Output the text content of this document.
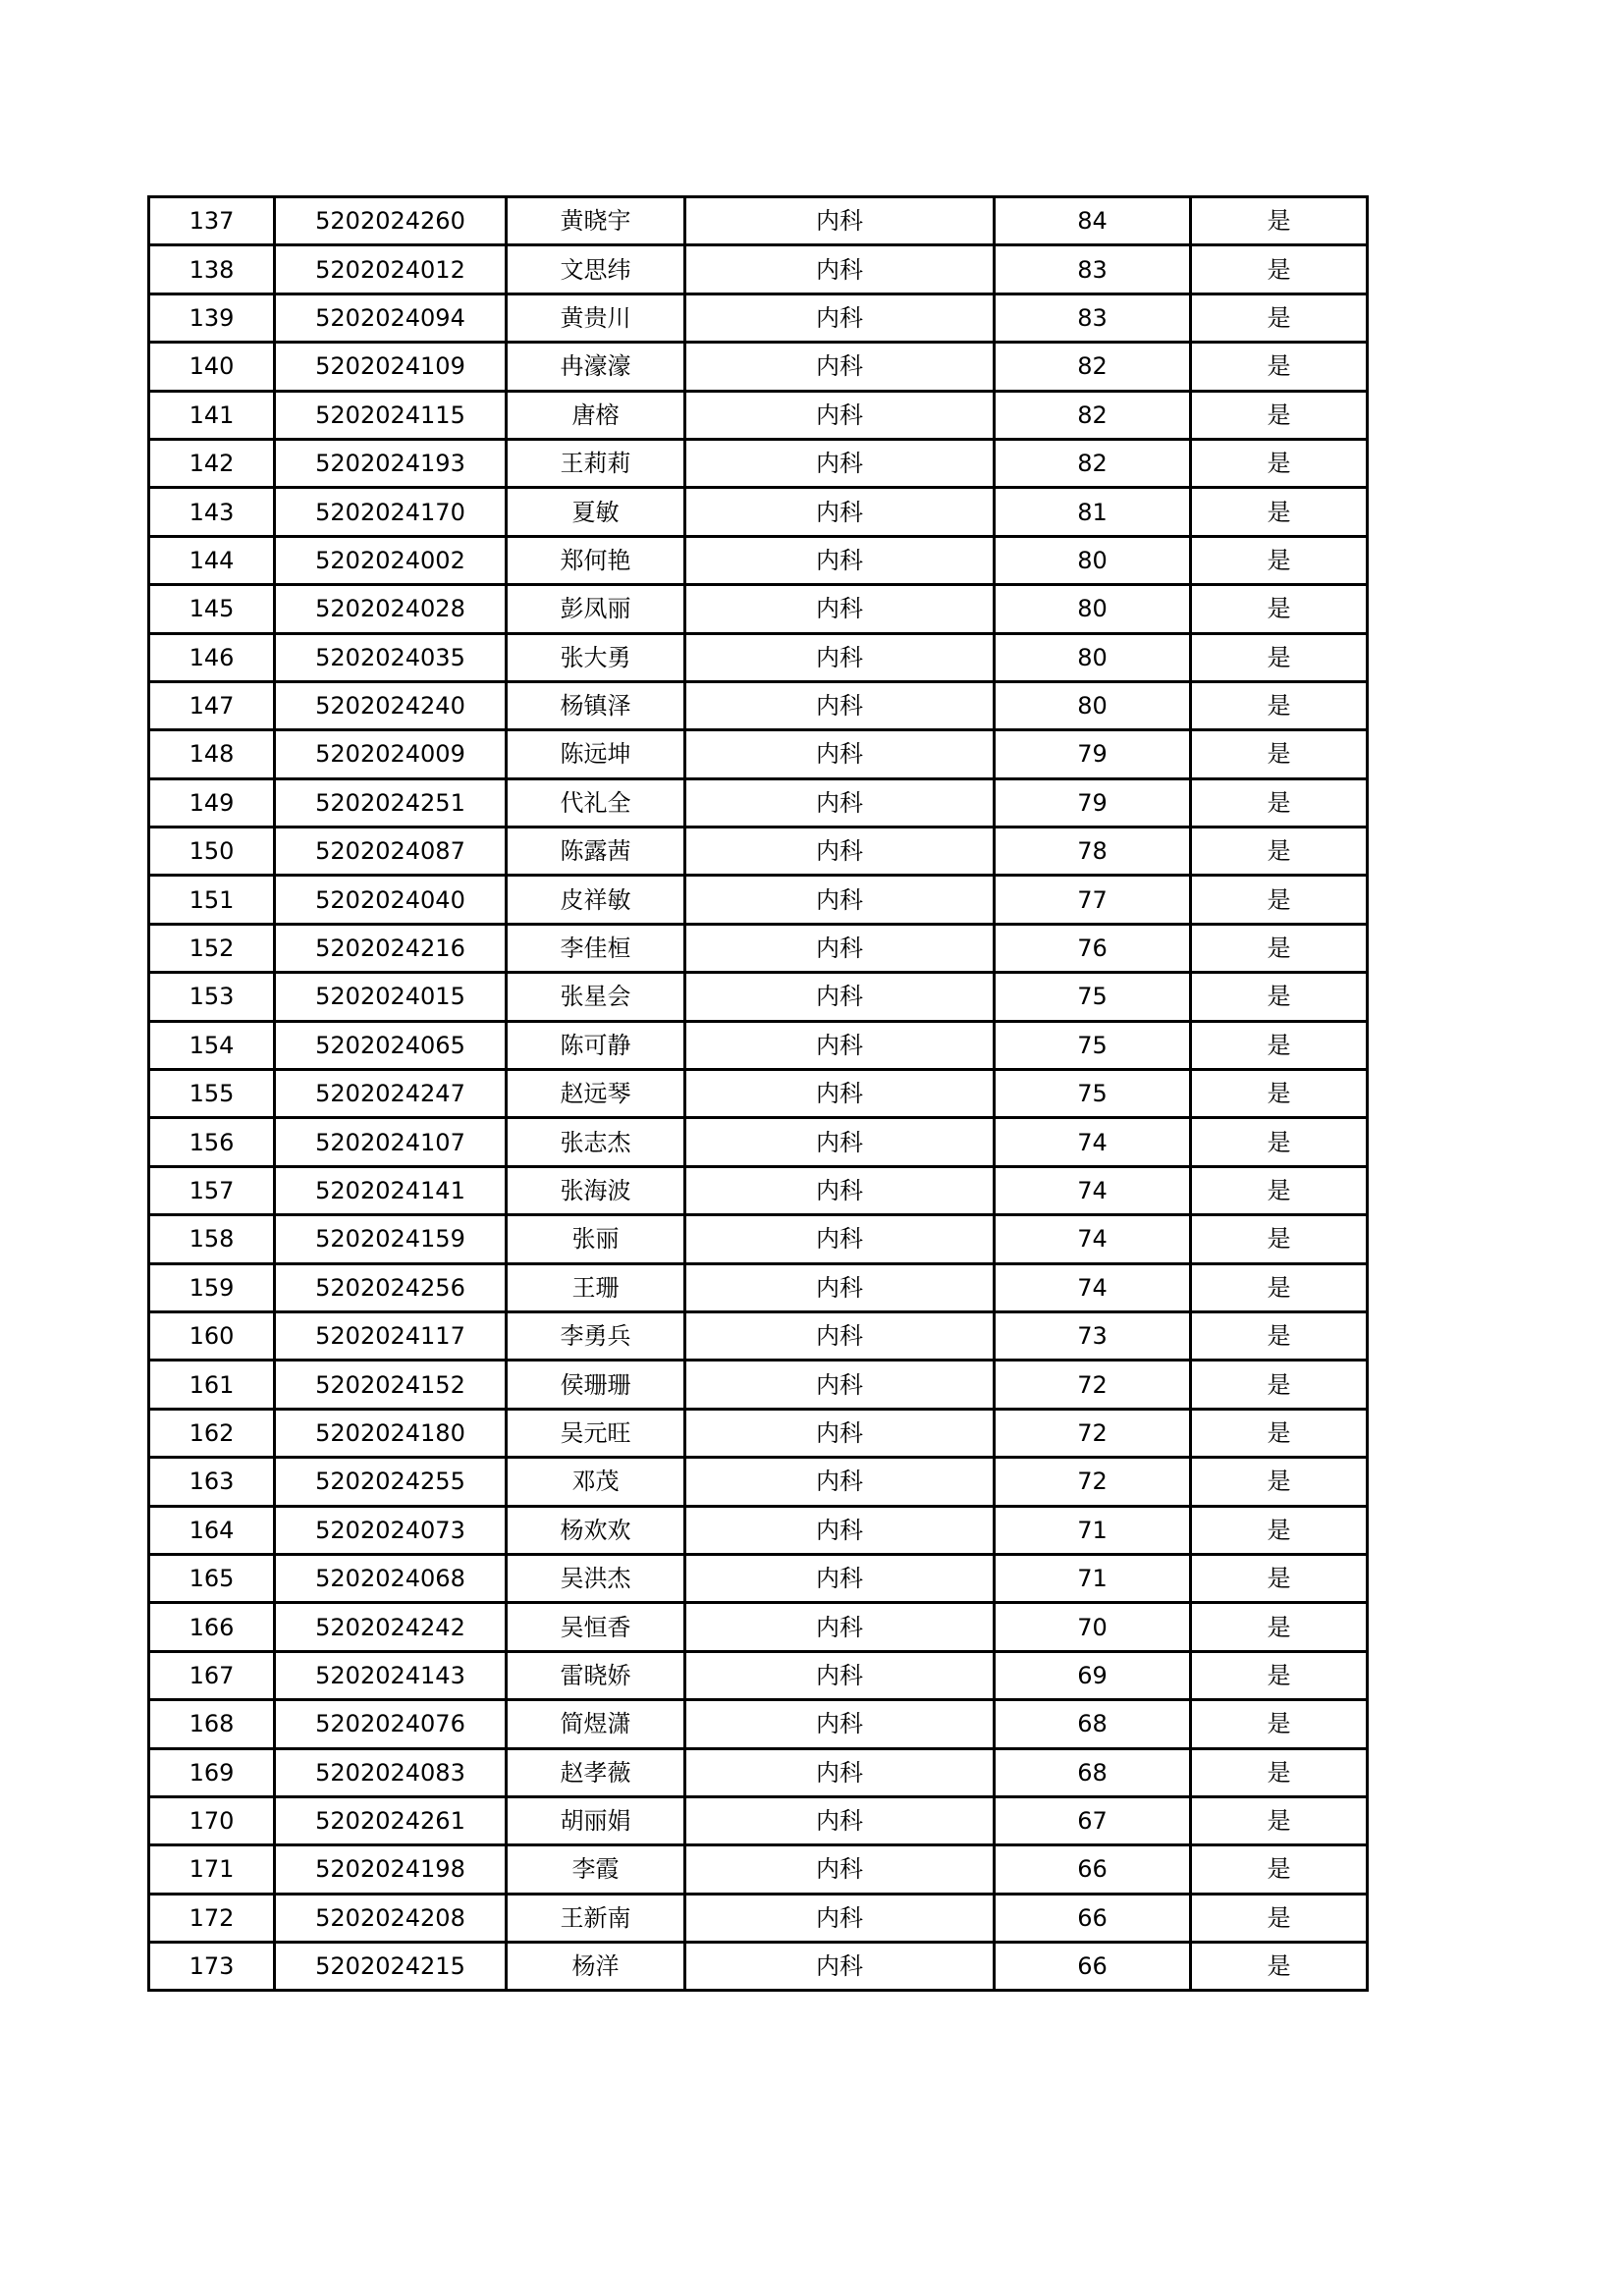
137	5202024260	黄晓宇	内科	84	是
138	5202024012	文思纬	内科	83	是
139	5202024094	黄贵川	内科	83	是
140	5202024109	冉濠濠	内科	82	是
141	5202024115	唐榕	内科	82	是
142	5202024193	王莉莉	内科	82	是
143	5202024170	夏敏	内科	81	是
144	5202024002	郑何艳	内科	80	是
145	5202024028	彭凤丽	内科	80	是
146	5202024035	张大勇	内科	80	是
147	5202024240	杨镇泽	内科	80	是
148	5202024009	陈远坤	内科	79	是
149	5202024251	代礼全	内科	79	是
150	5202024087	陈露茜	内科	78	是
151	5202024040	皮祥敏	内科	77	是
152	5202024216	李佳桓	内科	76	是
153	5202024015	张星会	内科	75	是
154	5202024065	陈可静	内科	75	是
155	5202024247	赵远琴	内科	75	是
156	5202024107	张志杰	内科	74	是
157	5202024141	张海波	内科	74	是
158	5202024159	张丽	内科	74	是
159	5202024256	王珊	内科	74	是
160	5202024117	李勇兵	内科	73	是
161	5202024152	侯珊珊	内科	72	是
162	5202024180	吴元旺	内科	72	是
163	5202024255	邓茂	内科	72	是
164	5202024073	杨欢欢	内科	71	是
165	5202024068	吴洪杰	内科	71	是
166	5202024242	吴恒香	内科	70	是
167	5202024143	雷晓娇	内科	69	是
168	5202024076	简煜潇	内科	68	是
169	5202024083	赵孝薇	内科	68	是
170	5202024261	胡丽娟	内科	67	是
171	5202024198	李霞	内科	66	是
172	5202024208	王新南	内科	66	是
173	5202024215	杨洋	内科	66	是
